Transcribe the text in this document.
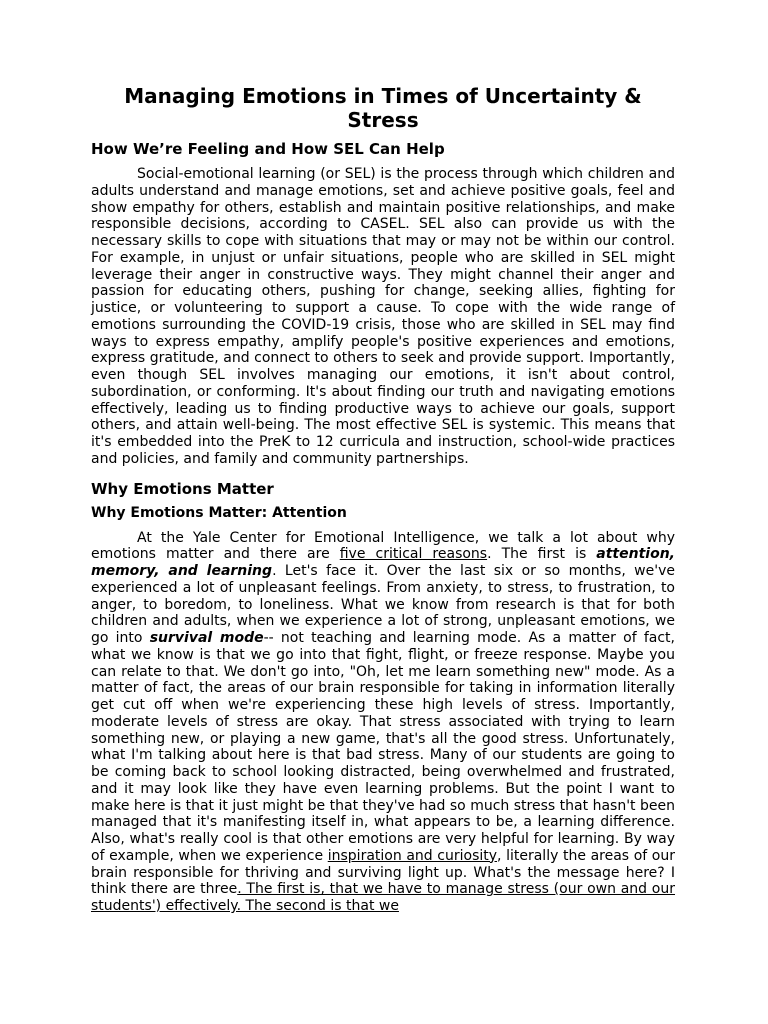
Managing Emotions in Times of Uncertainty & Stress
How We’re Feeling and How SEL Can Help

Social-emotional learning (or SEL) is the process through which children and adults understand and manage emotions, set and achieve positive goals, feel and show empathy for others, establish and maintain positive relationships, and make responsible decisions, according to CASEL. SEL also can provide us with the necessary skills to cope with situations that may or may not be within our control. For example, in unjust or unfair situations, people who are skilled in SEL might leverage their anger in constructive ways. They might channel their anger and passion for educating others, pushing for change, seeking allies, fighting for justice, or volunteering to support a cause. To cope with the wide range of emotions surrounding the COVID-19 crisis, those who are skilled in SEL may find ways to express empathy, amplify people's positive experiences and emotions, express gratitude, and connect to others to seek and provide support. Importantly, even though SEL involves managing our emotions, it isn't about control, subordination, or conforming. It's about finding our truth and navigating emotions effectively, leading us to finding productive ways to achieve our goals, support others, and attain well-being. The most effective SEL is systemic. This means that it's embedded into the PreK to 12 curricula and instruction, school-wide practices and policies, and family and community partnerships.

Why Emotions Matter
Why Emotions Matter: Attention

At the Yale Center for Emotional Intelligence, we talk a lot about why emotions matter and there are five critical reasons. The first is attention, memory, and learning. Let's face it. Over the last six or so months, we've experienced a lot of unpleasant feelings. From anxiety, to stress, to frustration, to anger, to boredom, to loneliness. What we know from research is that for both children and adults, when we experience a lot of strong, unpleasant emotions, we go into survival mode-- not teaching and learning mode. As a matter of fact, what we know is that we go into that fight, flight, or freeze response. Maybe you can relate to that. We don't go into, "Oh, let me learn something new" mode. As a matter of fact, the areas of our brain responsible for taking in information literally get cut off when we're experiencing these high levels of stress. Importantly, moderate levels of stress are okay. That stress associated with trying to learn something new, or playing a new game, that's all the good stress. Unfortunately, what I'm talking about here is that bad stress. Many of our students are going to be coming back to school looking distracted, being overwhelmed and frustrated, and it may look like they have even learning problems. But the point I want to make here is that it just might be that they've had so much stress that hasn't been managed that it's manifesting itself in, what appears to be, a learning difference. Also, what's really cool is that other emotions are very helpful for learning. By way of example, when we experience inspiration and curiosity, literally the areas of our brain responsible for thriving and surviving light up. What's the message here? I think there are three. The first is, that we have to manage stress (our own and our students') effectively. The second is that we
